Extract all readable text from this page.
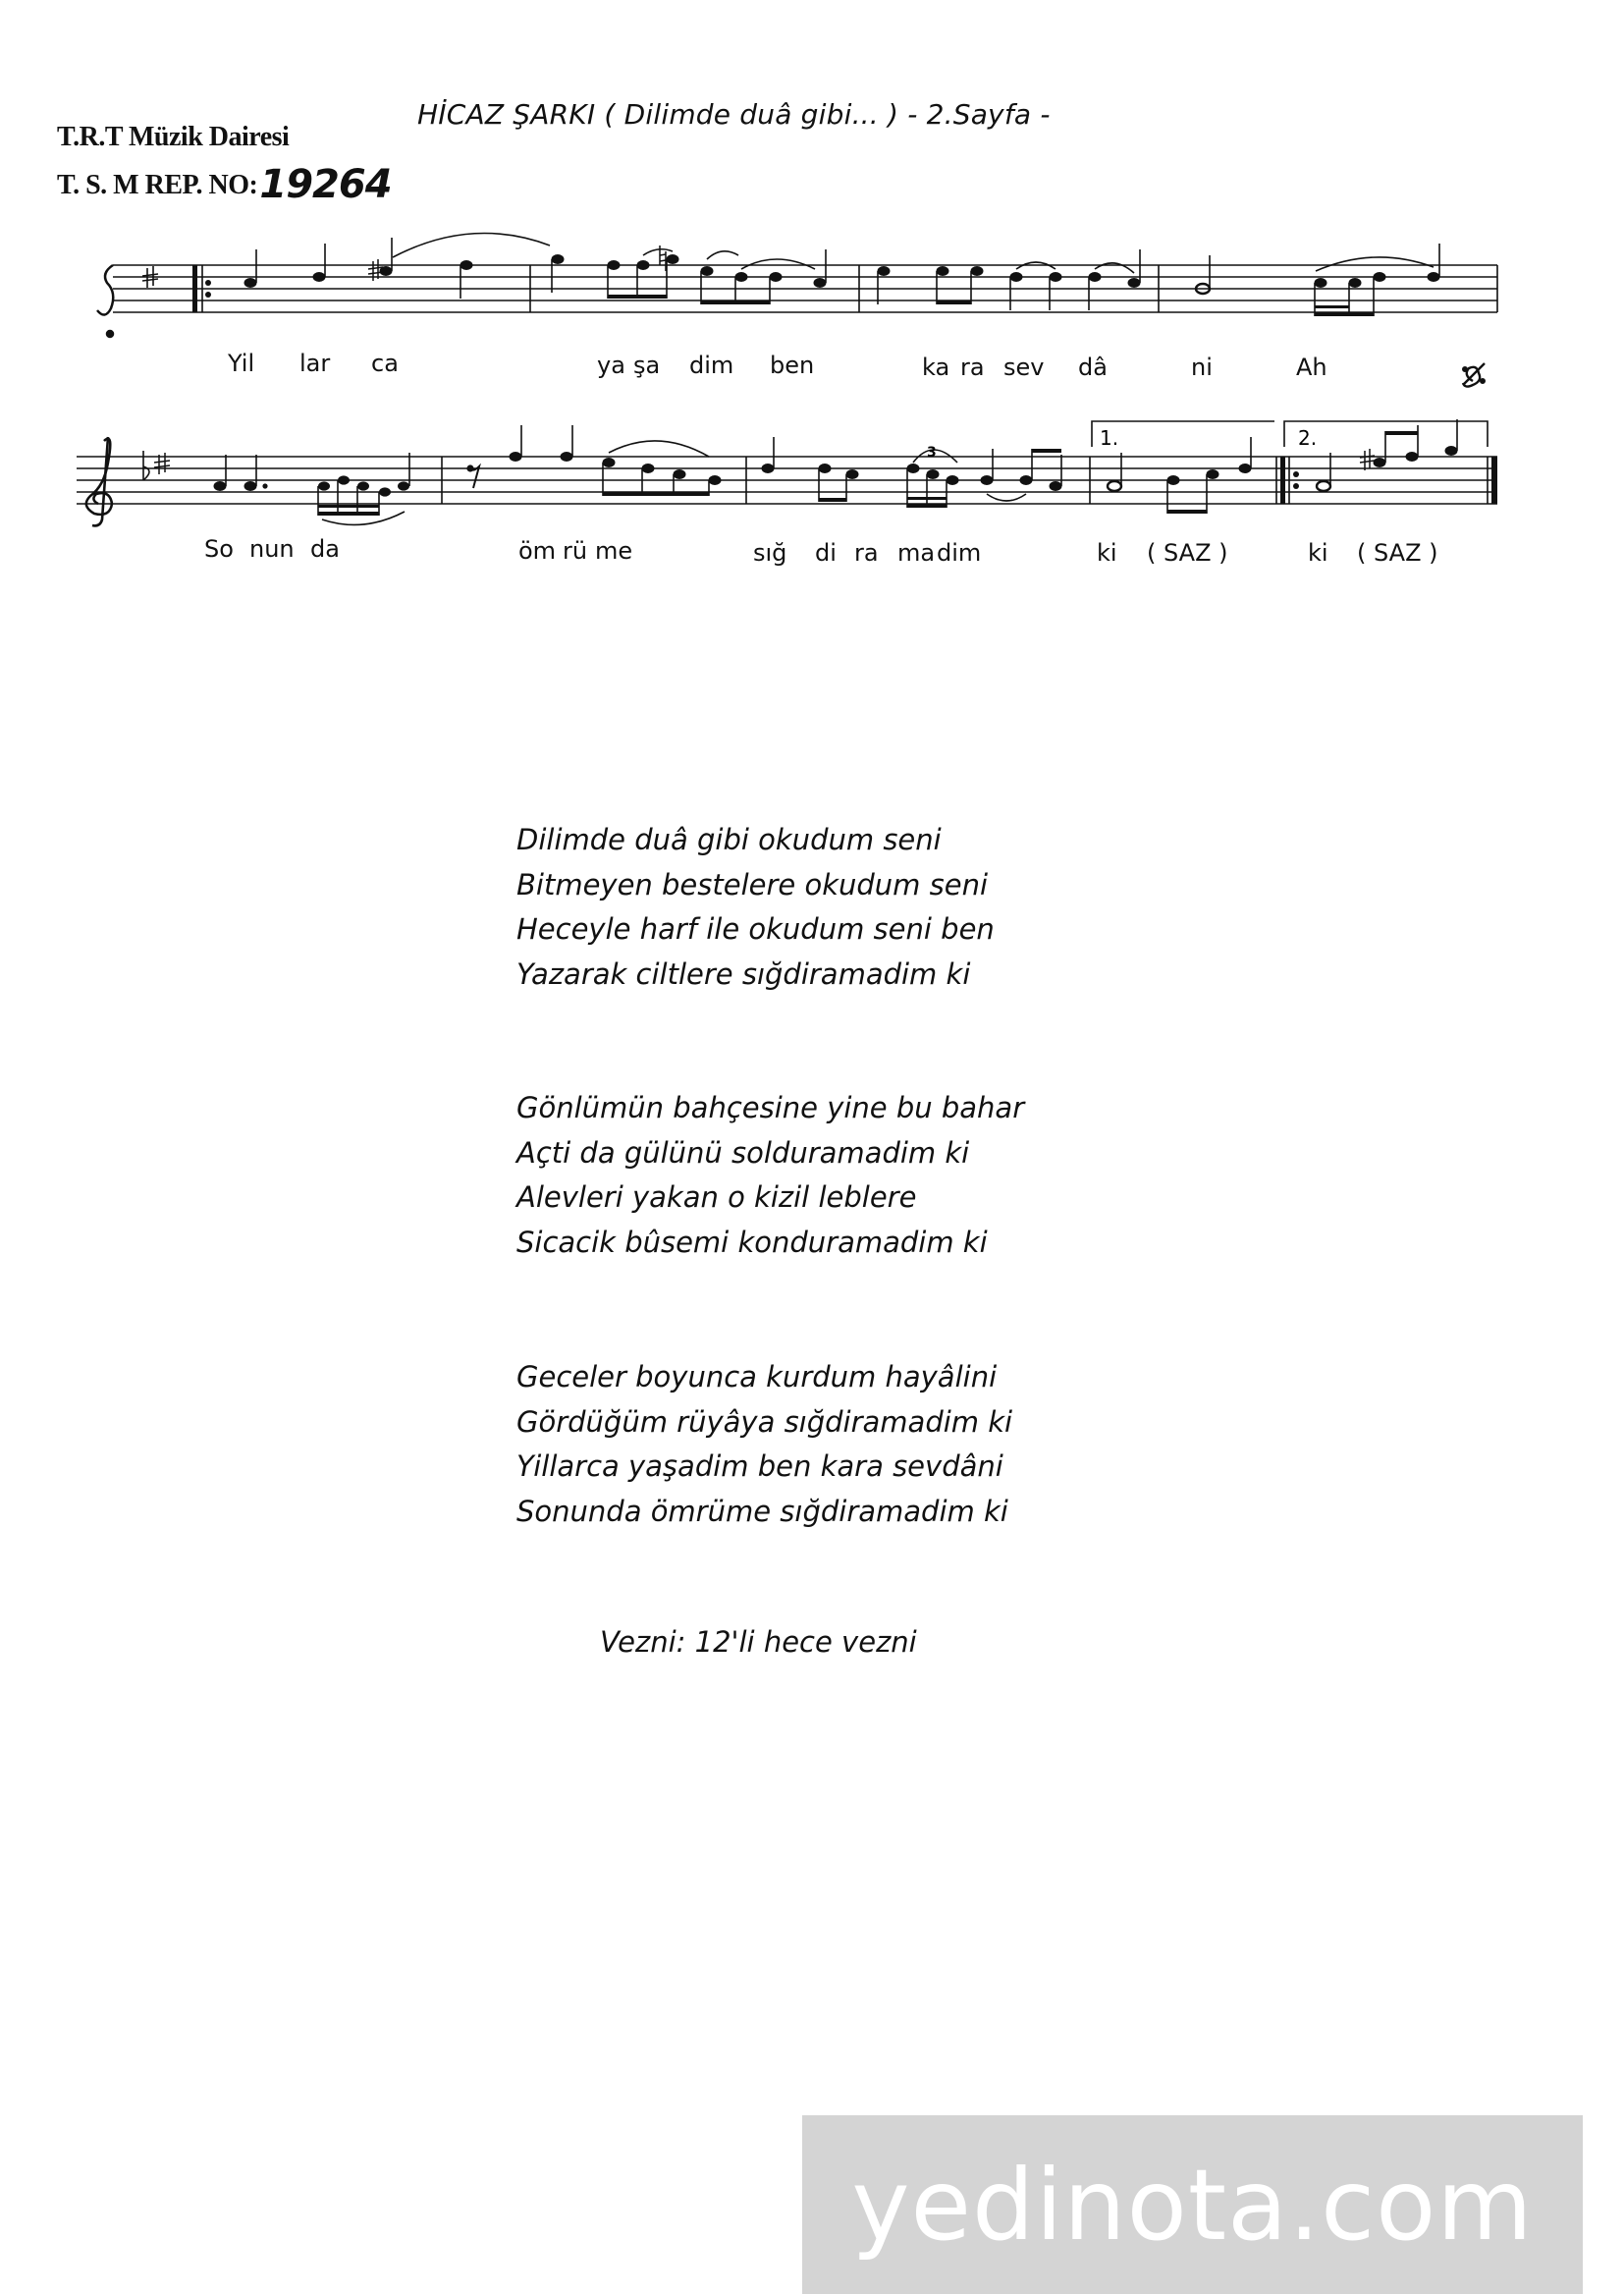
T.R.T Müzik Dairesi
T. S. M REP. NO:19264
HİCAZ ŞARKI ( Dilimde duâ gibi... ) - 2.Sayfa -
Yil lar ca	ya şa dim ben	ka ra sev dâ	ni	Ah
3
1.	2.
So nun da	öm rü me	sığ di ra ma dim	ki ( SAZ )	ki ( SAZ )
Dilimde duâ gibi okudum seni
Bitmeyen bestelere okudum seni
Heceyle harf ile okudum seni ben
Yazarak ciltlere sığdiramadim ki
Gönlümün bahçesine yine bu bahar
Açti da gülünü solduramadim ki
Alevleri yakan o kizil leblere
Sicacik bûsemi konduramadim ki
Geceler boyunca kurdum hayâlini
Gördüğüm rüyâya sığdiramadim ki
Yillarca yaşadim ben kara sevdâni
Sonunda ömrüme sığdiramadim ki
Vezni: 12'li hece vezni
yedinota.com
